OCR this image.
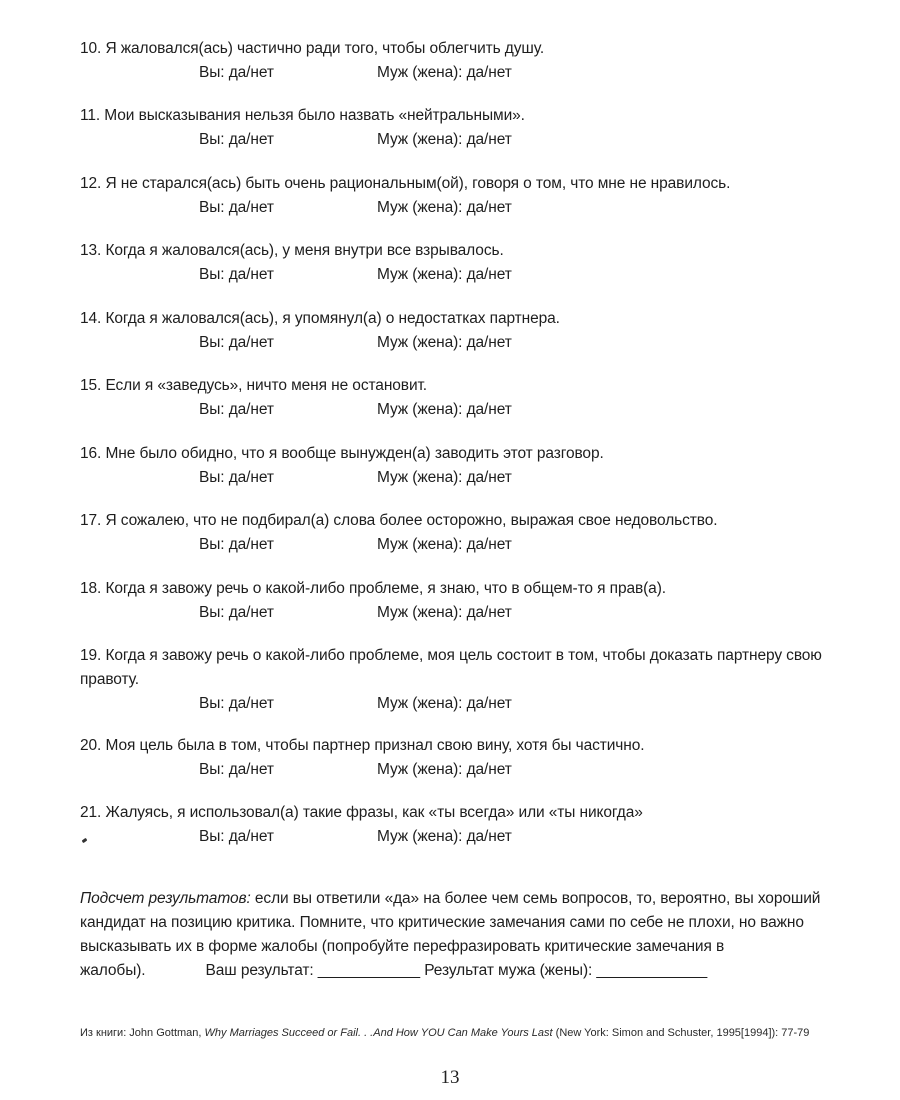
10. Я жаловался(ась) частично ради того, чтобы облегчить душу.
Вы: да/нет	Муж (жена): да/нет
11. Мои высказывания нельзя было назвать «нейтральными».
Вы: да/нет	Муж (жена): да/нет
12. Я не старался(ась) быть очень рациональным(ой), говоря о том, что мне не нравилось.
Вы: да/нет	Муж (жена): да/нет
13. Когда я жаловался(ась), у меня внутри все взрывалось.
Вы: да/нет	Муж (жена): да/нет
14. Когда я жаловался(ась), я упомянул(а) о недостатках партнера.
Вы: да/нет	Муж (жена): да/нет
15. Если я «заведусь», ничто меня не остановит.
Вы: да/нет	Муж (жена): да/нет
16. Мне было обидно, что я вообще вынужден(а) заводить этот разговор.
Вы: да/нет	Муж (жена): да/нет
17. Я сожалею, что не подбирал(а) слова более осторожно, выражая свое недовольство.
Вы: да/нет	Муж (жена): да/нет
18. Когда я завожу речь о какой-либо проблеме, я знаю, что в общем-то я прав(а).
Вы: да/нет	Муж (жена): да/нет
19. Когда я завожу речь о какой-либо проблеме, моя цель состоит в том, чтобы доказать партнеру свою правоту.
Вы: да/нет	Муж (жена): да/нет
20. Моя цель была в том, чтобы партнер признал свою вину, хотя бы частично.
Вы: да/нет	Муж (жена): да/нет
21. Жалуясь, я использовал(а) такие фразы, как «ты всегда» или «ты никогда»
Вы: да/нет	Муж (жена): да/нет
Подсчет результатов: если вы ответили «да» на более чем семь вопросов, то, вероятно, вы хороший кандидат на позицию критика. Помните, что критические замечания сами по себе не плохи, но важно высказывать их в форме жалобы (попробуйте перефразировать критические замечания в жалобы).	Ваш результат: ____________ Результат мужа (жены): _____________
Из книги: John Gottman, Why Marriages Succeed or Fail. . .And How YOU Can Make Yours Last (New York: Simon and Schuster, 1995[1994]): 77-79
13
